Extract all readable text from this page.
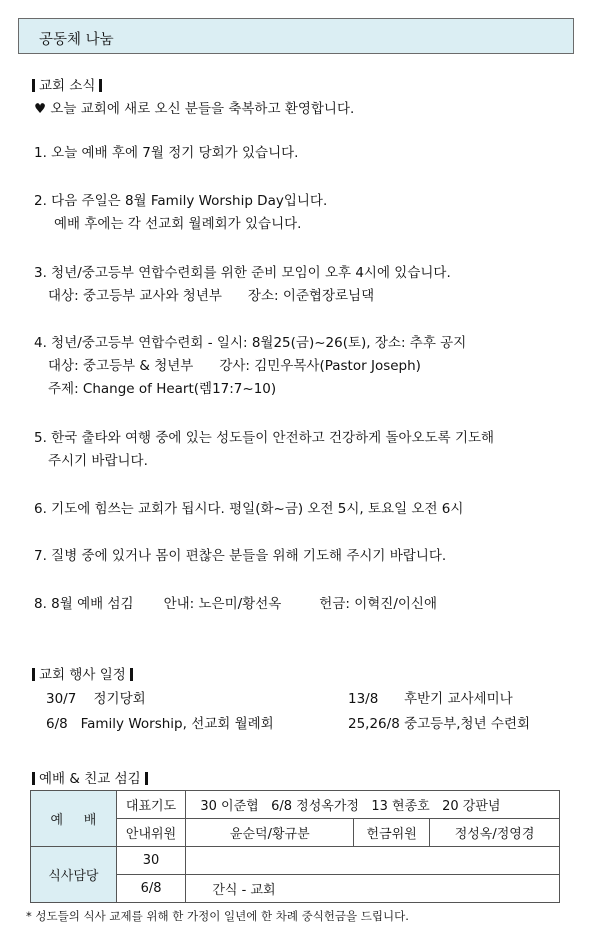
공동체 나눔
교회 소식
♥ 오늘 교회에 새로 오신 분들을 축복하고 환영합니다.
1. 오늘 예배 후에 7월 정기 당회가 있습니다.
2. 다음 주일은 8월 Family Worship Day입니다.
예배 후에는 각 선교회 월례회가 있습니다.
3. 청년/중고등부 연합수련회를 위한 준비 모임이 오후 4시에 있습니다.
대상: 중고등부 교사와 청년부 장소: 이준협장로님댁
4. 청년/중고등부 연합수련회 - 일시: 8월25(금)~26(토), 장소: 추후 공지
대상: 중고등부 & 청년부 강사: 김민우목사(Pastor Joseph)
주제: Change of Heart(렘17:7~10)
5. 한국 출타와 여행 중에 있는 성도들이 안전하고 건강하게 돌아오도록 기도해
주시기 바랍니다.
6. 기도에 힘쓰는 교회가 됩시다. 평일(화~금) 오전 5시, 토요일 오전 6시
7. 질병 중에 있거나 몸이 편찮은 분들을 위해 기도해 주시기 바랍니다.
8. 8월 예배 섬김 안내: 노은미/황선옥	헌금: 이혁진/이신애
교회 행사 일정
30/7    정기당회	13/8      후반기 교사세미나
6/8   Family Worship, 선교회 월례회	25,26/8 중고등부,청년 수련회
예배 & 친교 섬김
예     배	대표기도	30 이준협   6/8 정성옥가정   13 현종호   20 강판념		
	안내위원	윤순덕/황규분	헌금위원	정성옥/정영경
식사담당	30			
	6/8	간식 - 교회		
* 성도들의 식사 교제를 위해 한 가정이 일년에 한 차례 중식헌금을 드립니다.
